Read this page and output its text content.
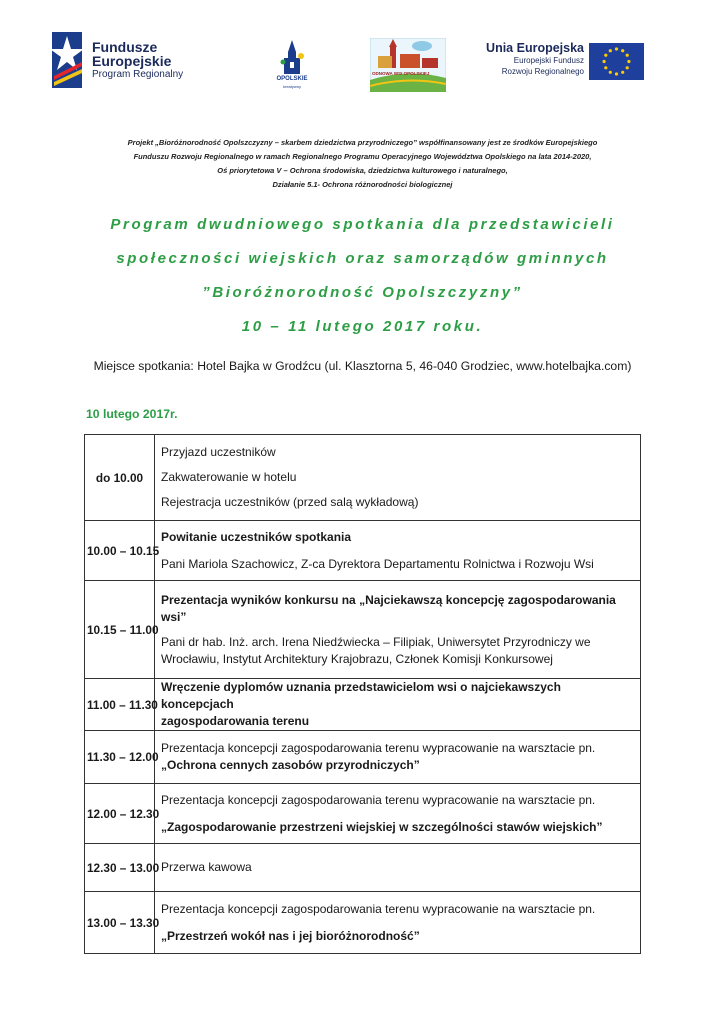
Fundusze
Europejskie
Program Regionalny	OPOLSKIE
kreatywny
ODNOWA WSI OPOLSKIEJ
Unia Europejska
Europejski Fundusz
Rozwoju Regionalnego
Projekt „Bioróżnorodność Opolszczyzny – skarbem dziedzictwa przyrodniczego” współfinansowany jest ze środków Europejskiego
Funduszu Rozwoju Regionalnego w ramach Regionalnego Programu Operacyjnego Województwa Opolskiego na lata 2014-2020,
Oś priorytetowa V – Ochrona środowiska, dziedzictwa kulturowego i naturalnego,
Działanie 5.1- Ochrona różnorodności biologicznej
Program dwudniowego spotkania dla przedstawicieli
społeczności wiejskich oraz samorządów gminnych
”Bioróżnorodność Opolszczyzny”
10 – 11 lutego 2017 roku.
Miejsce spotkania: Hotel Bajka w Grodźcu (ul. Klasztorna 5, 46-040 Grodziec, www.hotelbajka.com)
10 lutego 2017r.
do 10.00	Przyjazd uczestników
Zakwaterowanie w hotelu
Rejestracja uczestników (przed salą wykładową)

10.00 – 10.15	Powitanie uczestników spotkania
Pani Mariola Szachowicz, Z-ca Dyrektora Departamentu Rolnictwa i Rozwoju Wsi

10.15 – 11.00	Prezentacja wyników konkursu na „Najciekawszą koncepcję zagospodarowania
wsi”
Pani dr hab. Inż. arch. Irena Niedźwiecka – Filipiak, Uniwersytet Przyrodniczy we
Wrocławiu, Instytut Architektury Krajobrazu, Członek Komisji Konkursowej

11.00 – 11.30	Wręczenie dyplomów uznania przedstawicielom wsi o najciekawszych koncepcjach
zagospodarowania terenu

11.30 – 12.00	Prezentacja koncepcji zagospodarowania terenu wypracowanie na warsztacie pn.
„Ochrona cennych zasobów przyrodniczych”

12.00 – 12.30	Prezentacja koncepcji zagospodarowania terenu wypracowanie na warsztacie pn.
„Zagospodarowanie przestrzeni wiejskiej w szczególności stawów wiejskich”

12.30 – 13.00	Przerwa kawowa

13.00 – 13.30	Prezentacja koncepcji zagospodarowania terenu wypracowanie na warsztacie pn.
„Przestrzeń wokół nas i jej bioróżnorodność”
